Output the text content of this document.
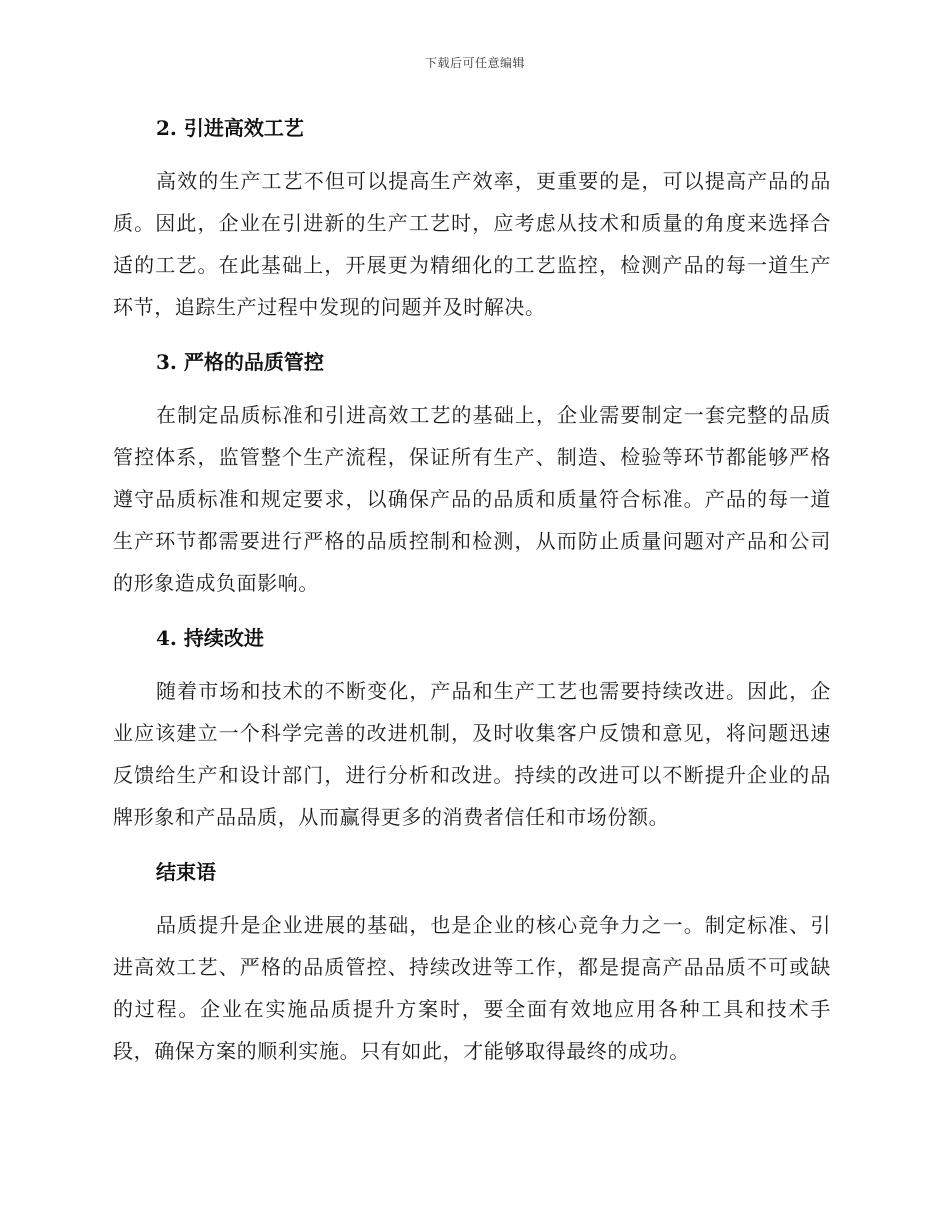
下载后可任意编辑
2. 引进高效工艺

高效的生产工艺不但可以提高生产效率，更重要的是，可以提高产品的品质。因此，企业在引进新的生产工艺时，应考虑从技术和质量的角度来选择合适的工艺。在此基础上，开展更为精细化的工艺监控，检测产品的每一道生产环节，追踪生产过程中发现的问题并及时解决。

3. 严格的品质管控

在制定品质标准和引进高效工艺的基础上，企业需要制定一套完整的品质管控体系，监管整个生产流程，保证所有生产、制造、检验等环节都能够严格遵守品质标准和规定要求，以确保产品的品质和质量符合标准。产品的每一道生产环节都需要进行严格的品质控制和检测，从而防止质量问题对产品和公司的形象造成负面影响。

4. 持续改进

随着市场和技术的不断变化，产品和生产工艺也需要持续改进。因此，企业应该建立一个科学完善的改进机制，及时收集客户反馈和意见，将问题迅速反馈给生产和设计部门，进行分析和改进。持续的改进可以不断提升企业的品牌形象和产品品质，从而赢得更多的消费者信任和市场份额。

结束语

品质提升是企业进展的基础，也是企业的核心竞争力之一。制定标准、引进高效工艺、严格的品质管控、持续改进等工作，都是提高产品品质不可或缺的过程。企业在实施品质提升方案时，要全面有效地应用各种工具和技术手段，确保方案的顺利实施。只有如此，才能够取得最终的成功。
